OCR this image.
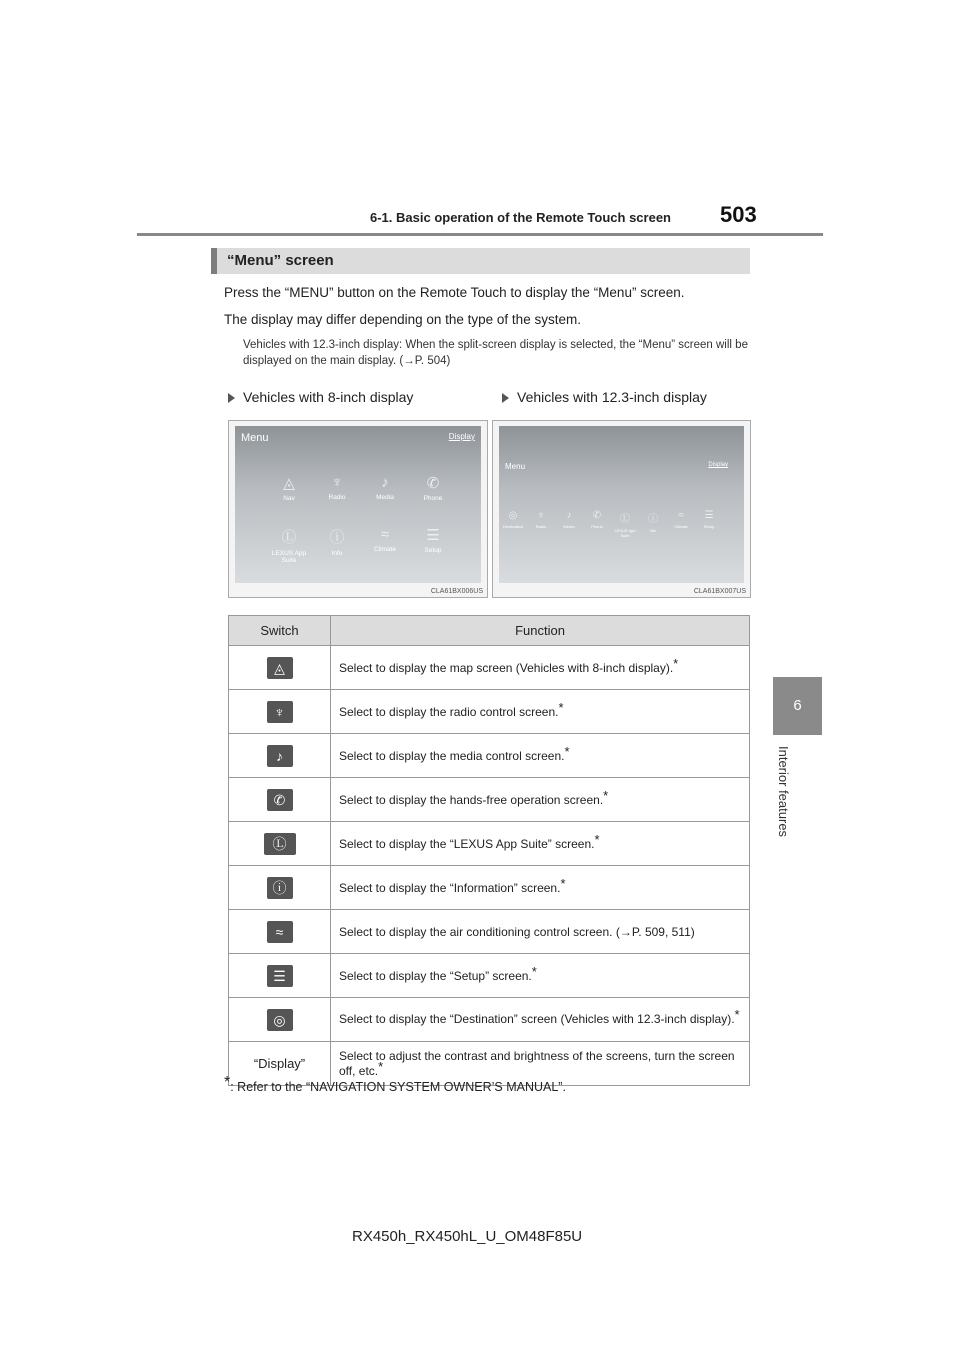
6-1. Basic operation of the Remote Touch screen 503
6
Interior features
“Menu” screen
Press the “MENU” button on the Remote Touch to display the “Menu” screen.
The display may differ depending on the type of the system.
Vehicles with 12.3-inch display: When the split-screen display is selected, the “Menu” screen will be displayed on the main display. (→P. 504)
Vehicles with 8-inch display	Vehicles with 12.3-inch display
Menu	Display
◬
Nav
♆
Radio
♪
Media
✆
Phone
Ⓛ
LEXUS App Suite
ⓘ
Info
≈
Climate
☰
Setup
CLA61BX006US
Menu	Display
◎
Destination
♆
Radio
♪
Media
✆
Phone
Ⓛ
LEXUS App Suite
ⓘ
Info
≈
Climate
☰
Setup
CLA61BX007US
Switch	Function
◬	Select to display the map screen (Vehicles with 8-inch display).*
♆	Select to display the radio control screen.*
♪	Select to display the media control screen.*
✆	Select to display the hands-free operation screen.*
Ⓛ	Select to display the “LEXUS App Suite” screen.*
ⓘ	Select to display the “Information” screen.*
≈	Select to display the air conditioning control screen. (→P. 509, 511)
☰	Select to display the “Setup” screen.*
◎	Select to display the “Destination” screen (Vehicles with 12.3-inch display).*
“Display”	Select to adjust the contrast and brightness of the screens, turn the screen off, etc.*
*: Refer to the “NAVIGATION SYSTEM OWNER’S MANUAL”.
RX450h_RX450hL_U_OM48F85U
